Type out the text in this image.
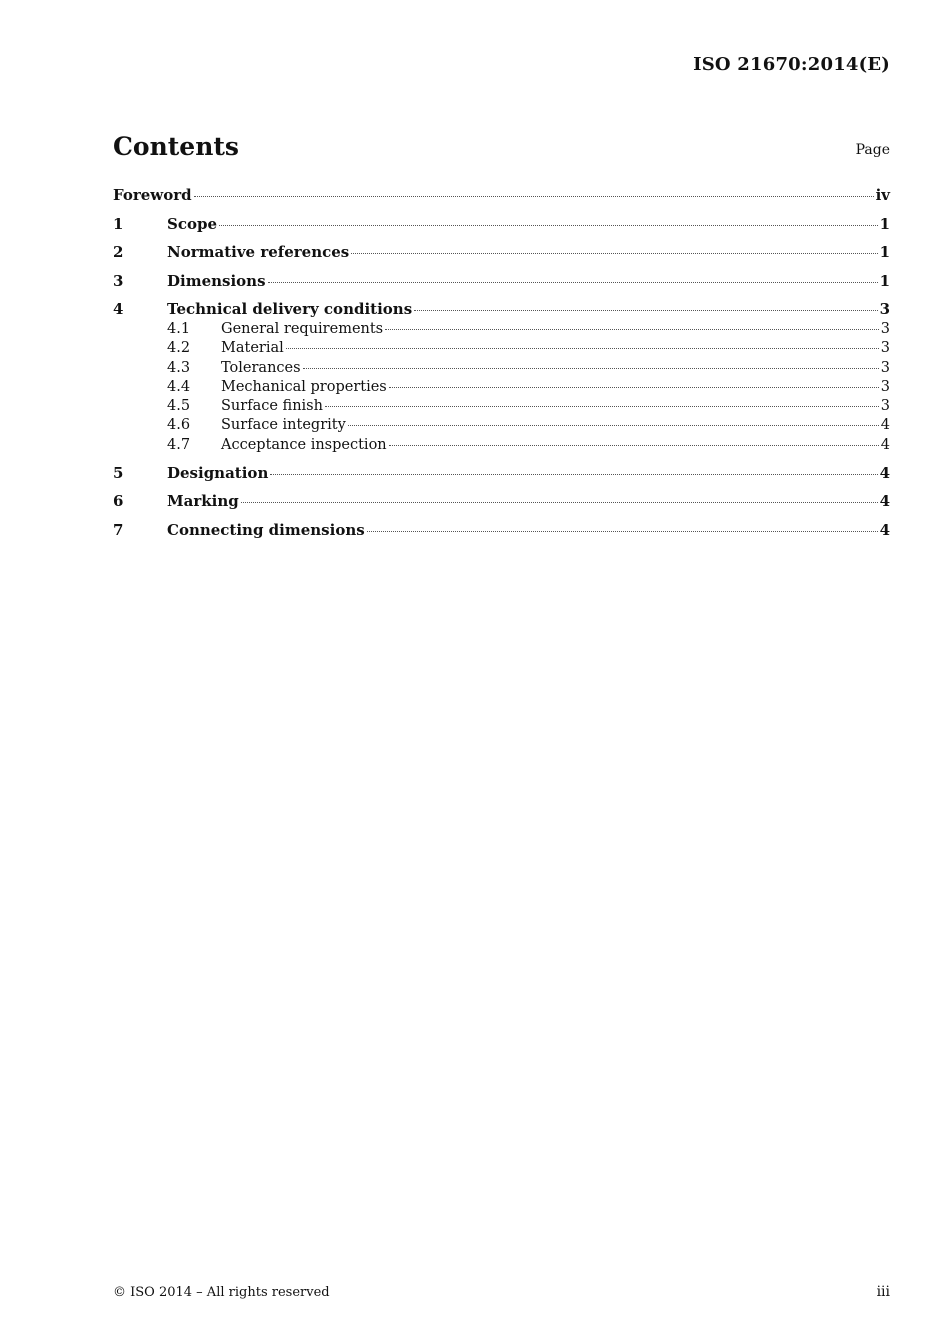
ISO 21670:2014(E)
Contents	Page
Foreword	iv
1	Scope	1
2	Normative references	1
3	Dimensions	1
4	Technical delivery conditions	3
4.1	General requirements	3
4.2	Material	3
4.3	Tolerances	3
4.4	Mechanical properties	3
4.5	Surface finish	3
4.6	Surface integrity	4
4.7	Acceptance inspection	4
5	Designation	4
6	Marking	4
7	Connecting dimensions	4
© ISO 2014 – All rights reserved	iii
